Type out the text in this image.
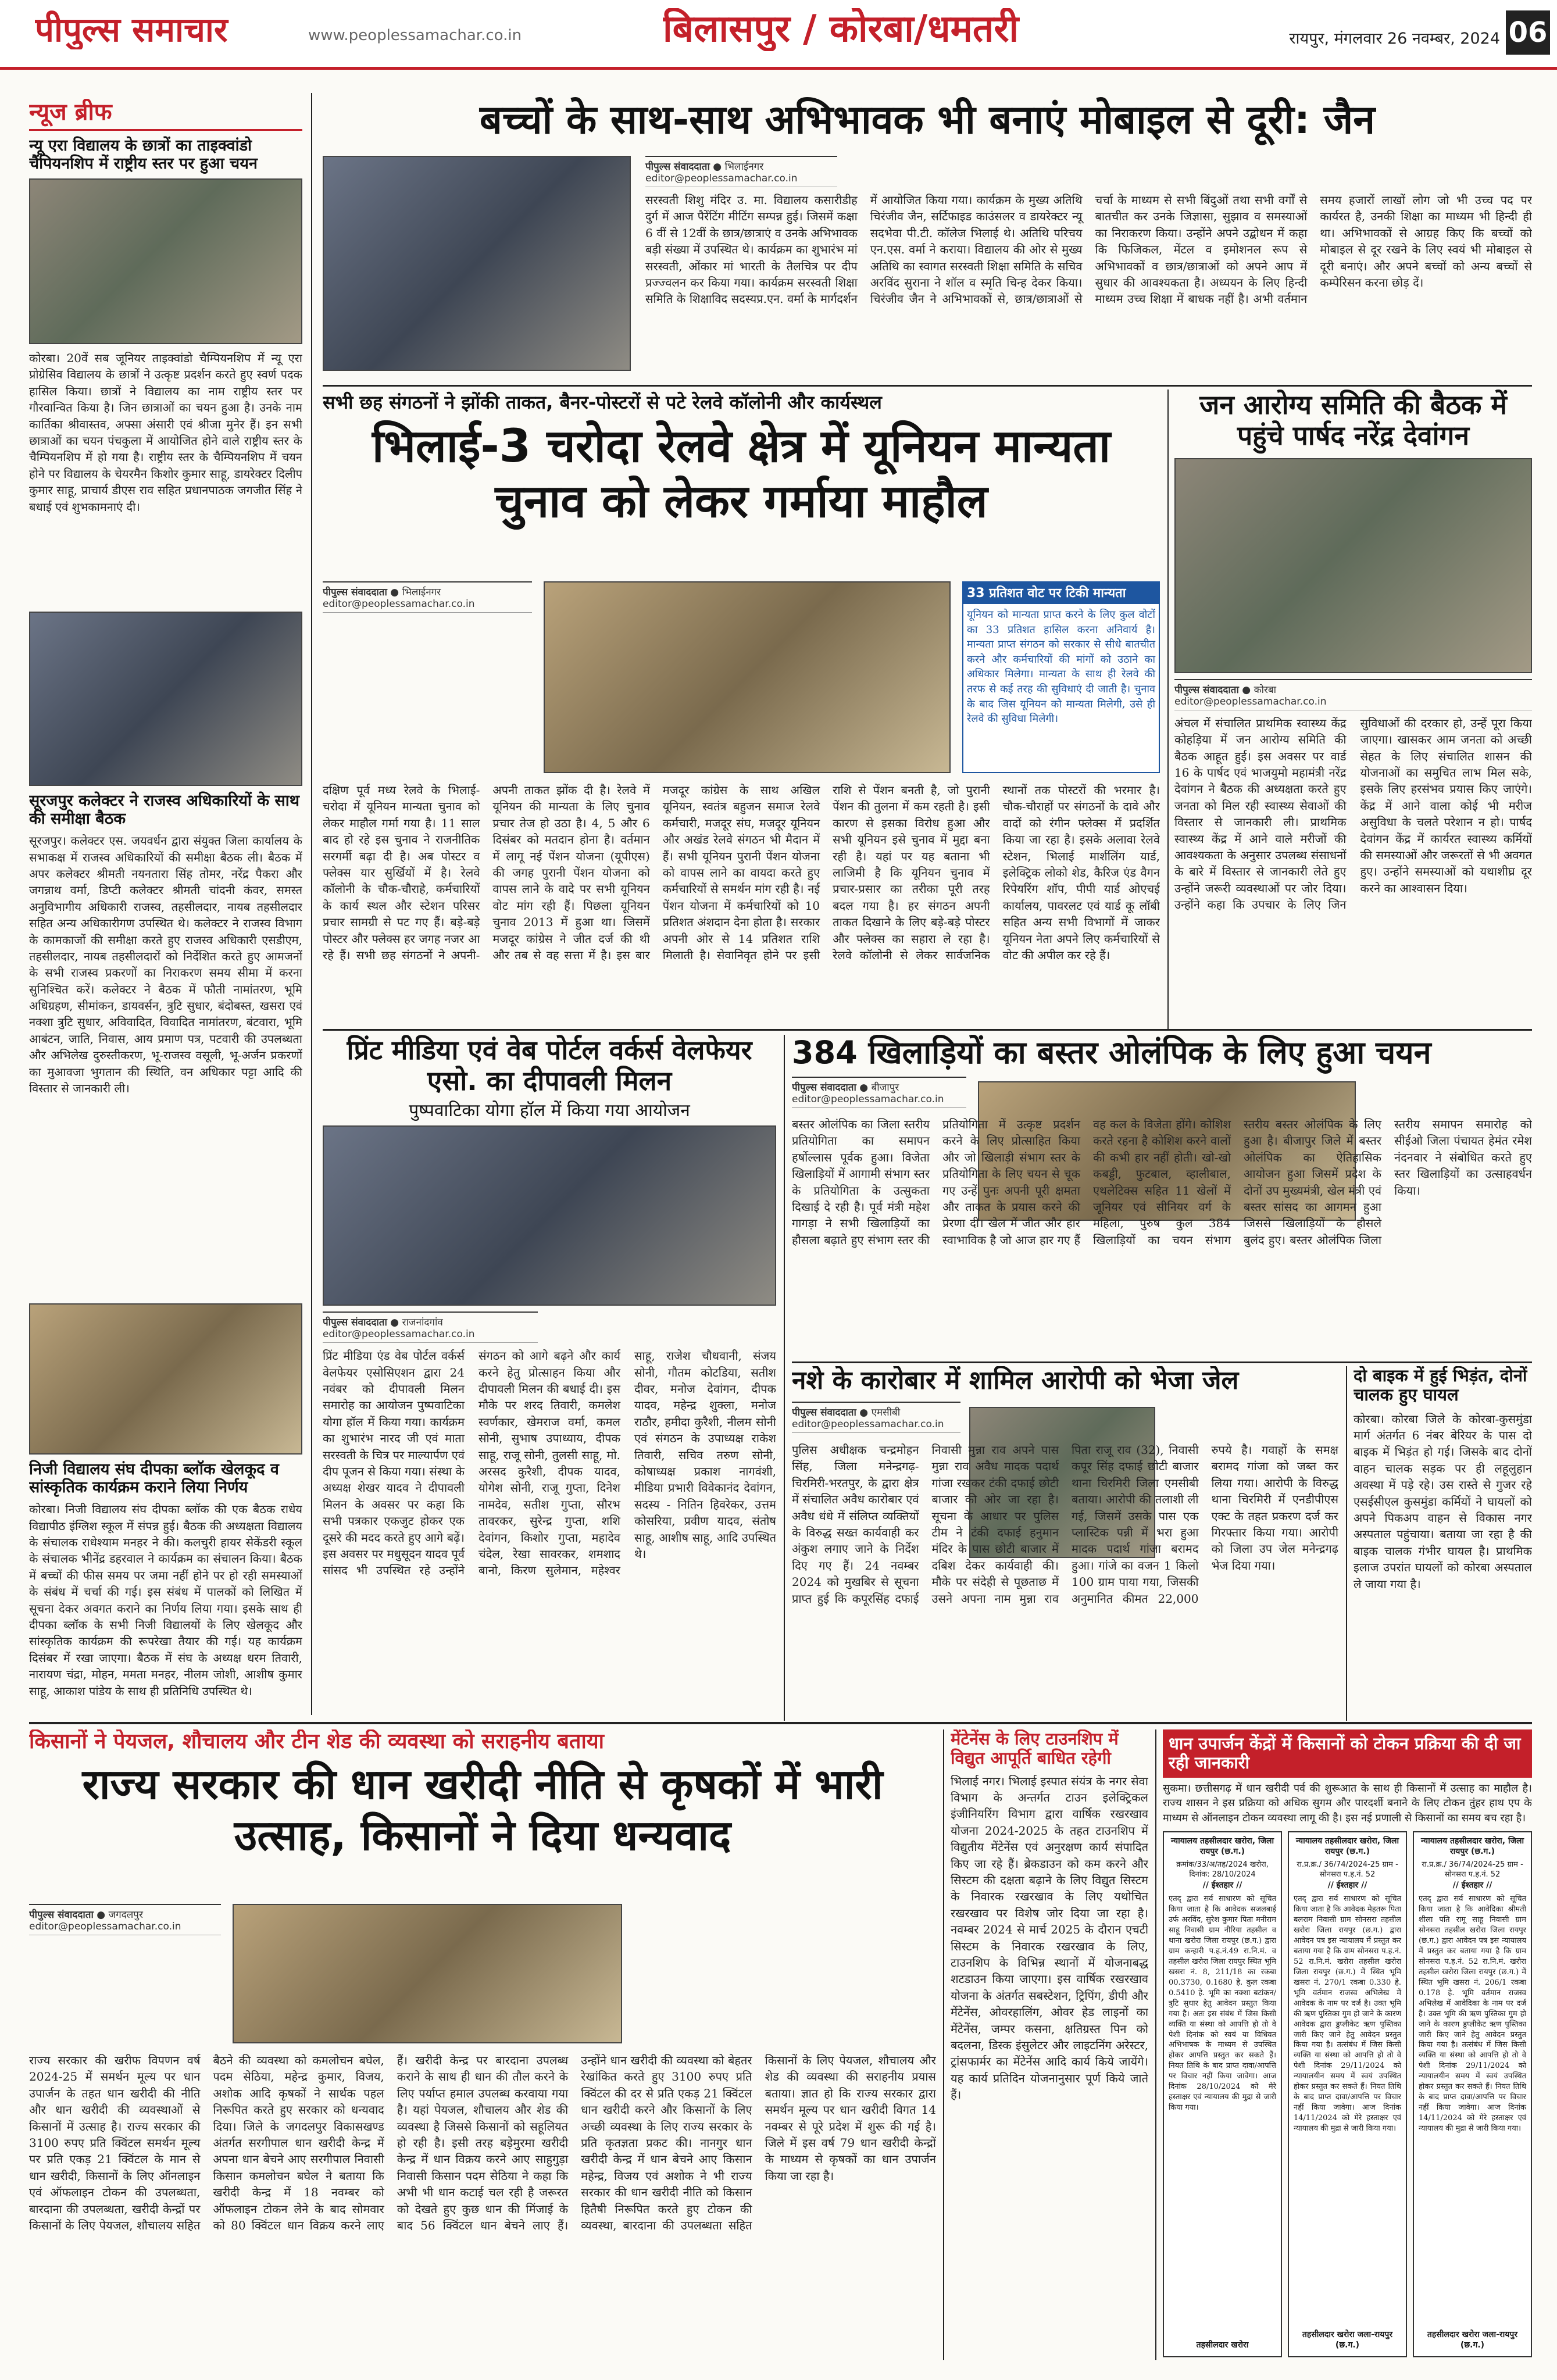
पीपुल्स समाचार	www.peoplessamachar.co.in	बिलासपुर / कोरबा/धमतरी	रायपुर, मंगलवार 26 नवम्बर, 2024 06
न्यूज ब्रीफ
न्यू एरा विद्यालय के छात्रों का ताइक्वांडो चैंपियनशिप में राष्ट्रीय स्तर पर हुआ चयन
कोरबा। 20वें सब जूनियर ताइक्वांडो चैम्पियनशिप में न्यू एरा प्रोग्रेसिव विद्यालय के छात्रों ने उत्कृष्ट प्रदर्शन करते हुए स्वर्ण पदक हासिल किया। छात्रों ने विद्यालय का नाम राष्ट्रीय स्तर पर गौरवान्वित किया है। जिन छात्राओं का चयन हुआ है। उनके नाम कार्तिका श्रीवास्तव, अफ्सा अंसारी एवं श्रीजा मुनेर हैं। इन सभी छात्राओं का चयन पंचकुला में आयोजित होने वाले राष्ट्रीय स्तर के चैम्पियनशिप में हो गया है। राष्ट्रीय स्तर के चैम्पियनशिप में चयन होने पर विद्यालय के चेयरमैन किशोर कुमार साहू, डायरेक्टर दिलीप कुमार साहू, प्राचार्य डीएस राव सहित प्रधानपाठक जगजीत सिंह ने बधाई एवं शुभकामनाएं दी।
सूरजपुर कलेक्टर ने राजस्व अधिकारियों के साथ की समीक्षा बैठक
सूरजपुर। कलेक्टर एस. जयवर्धन द्वारा संयुक्त जिला कार्यालय के सभाकक्ष में राजस्व अधिकारियों की समीक्षा बैठक ली। बैठक में अपर कलेक्टर श्रीमती नयनतारा सिंह तोमर, नरेंद्र पैकरा और जगन्नाथ वर्मा, डिप्टी कलेक्टर श्रीमती चांदनी कंवर, समस्त अनुविभागीय अधिकारी राजस्व, तहसीलदार, नायब तहसीलदार सहित अन्य अधिकारीगण उपस्थित थे। कलेक्टर ने राजस्व विभाग के कामकाजों की समीक्षा करते हुए राजस्व अधिकारी एसडीएम, तहसीलदार, नायब तहसीलदारों को निर्देशित करते हुए आमजनों के सभी राजस्व प्रकरणों का निराकरण समय सीमा में करना सुनिश्चित करें। कलेक्टर ने बैठक में फौती नामांतरण, भूमि अधिग्रहण, सीमांकन, डायवर्सन, त्रुटि सुधार, बंदोबस्त, खसरा एवं नक्शा त्रुटि सुधार, अविवादित, विवादित नामांतरण, बंटवारा, भूमि आबंटन, जाति, निवास, आय प्रमाण पत्र, पटवारी की उपलब्धता और अभिलेख दुरुस्तीकरण, भू-राजस्व वसूली, भू-अर्जन प्रकरणों का मुआवजा भुगतान की स्थिति, वन अधिकार पट्टा आदि की विस्तार से जानकारी ली।
निजी विद्यालय संघ दीपका ब्लॉक खेलकूद व सांस्कृतिक कार्यक्रम कराने लिया निर्णय
कोरबा। निजी विद्यालय संघ दीपका ब्लॉक की एक बैठक राधेय विद्यापीठ इंग्लिश स्कूल में संपन्न हुई। बैठक की अध्यक्षता विद्यालय के संचालक राधेश्याम मनहर ने की। कलचुरी हायर सेकेंडरी स्कूल के संचालक भीनेंद्र डहरवाल ने कार्यक्रम का संचालन किया। बैठक में बच्चों की फीस समय पर जमा नहीं होने पर हो रही समस्याओं के संबंध में चर्चा की गई। इस संबंध में पालकों को लिखित में सूचना देकर अवगत कराने का निर्णय लिया गया। इसके साथ ही दीपका ब्लॉक के सभी निजी विद्यालयों के लिए खेलकूद और सांस्कृतिक कार्यक्रम की रूपरेखा तैयार की गई। यह कार्यक्रम दिसंबर में रखा जाएगा। बैठक में संघ के अध्यक्ष धरम तिवारी, नारायण चंद्रा, मोहन, ममता मनहर, नीलम जोशी, आशीष कुमार साहू, आकाश पांडेय के साथ ही प्रतिनिधि उपस्थित थे।
बच्चों के साथ-साथ अभिभावक भी बनाएं मोबाइल से दूरी: जैन
पीपुल्स संवाददाता ● भिलाईनगर
editor@peoplessamachar.co.in
सरस्वती शिशु मंदिर उ. मा. विद्यालय कसारीडीह दुर्ग में आज पैरेंटिंग मीटिंग सम्पन्न हुई। जिसमें कक्षा 6 वीं से 12वीं के छात्र/छात्राएं व उनके अभिभावक बड़ी संख्या में उपस्थित थे। कार्यक्रम का शुभारंभ मां सरस्वती, ओंकार मां भारती के तैलचित्र पर दीप प्रज्ज्वलन कर किया गया। कार्यक्रम सरस्वती शिक्षा समिति के शिक्षाविद सदस्यप्र.एन. वर्मा के मार्गदर्शन में आयोजित किया गया। कार्यक्रम के मुख्य अतिथि चिरंजीव जैन, सर्टिफाइड काउंसलर व डायरेक्टर न्यू सदभेवा पी.टी. कॉलेज भिलाई थे। अतिथि परिचय एन.एस. वर्मा ने कराया। विद्यालय की ओर से मुख्य अतिथि का स्वागत सरस्वती शिक्षा समिति के सचिव अरविंद सुराना ने शॉल व स्मृति चिन्ह देकर किया। चिरंजीव जैन ने अभिभावकों से, छात्र/छात्राओं से चर्चा के माध्यम से सभी बिंदुओं तथा सभी वर्गों से बातचीत कर उनके जिज्ञासा, सुझाव व समस्याओं का निराकरण किया। उन्होंने अपने उद्बोधन में कहा कि फिजिकल, मेंटल व इमोशनल रूप से अभिभावकों व छात्र/छात्राओं को अपने आप में सुधार की आवश्यकता है। अध्ययन के लिए हिन्दी माध्यम उच्च शिक्षा में बाधक नहीं है। अभी वर्तमान समय हजारों लाखों लोग जो भी उच्च पद पर कार्यरत है, उनकी शिक्षा का माध्यम भी हिन्दी ही था। अभिभावकों से आग्रह किए कि बच्चों को मोबाइल से दूर रखने के लिए स्वयं भी मोबाइल से दूरी बनाएं। और अपने बच्चों को अन्य बच्चों से कम्पेरिसन करना छोड़ दें।
सभी छह संगठनों ने झोंकी ताकत, बैनर-पोस्टरों से पटे रेलवे कॉलोनी और कार्यस्थल
भिलाई-3 चरोदा रेलवे क्षेत्र में यूनियन मान्यता चुनाव को लेकर गर्माया माहौल
पीपुल्स संवाददाता ● भिलाईनगर
editor@peoplessamachar.co.in
33 प्रतिशत वोट पर टिकी मान्यता
यूनियन को मान्यता प्राप्त करने के लिए कुल वोटों का 33 प्रतिशत हासिल करना अनिवार्य है। मान्यता प्राप्त संगठन को सरकार से सीधे बातचीत करने और कर्मचारियों की मांगों को उठाने का अधिकार मिलेगा। मान्यता के साथ ही रेलवे की तरफ से कई तरह की सुविधाएं दी जाती है। चुनाव के बाद जिस यूनियन को मान्यता मिलेगी, उसे ही रेलवे की सुविधा मिलेगी।
दक्षिण पूर्व मध्य रेलवे के भिलाई-चरोदा में यूनियन मान्यता चुनाव को लेकर माहौल गर्मा गया है। 11 साल बाद हो रहे इस चुनाव ने राजनीतिक सरगर्मी बढ़ा दी है। अब पोस्टर व फ्लेक्स यार सुर्खियों में है। रेलवे कॉलोनी के चौक-चौराहे, कर्मचारियों के कार्य स्थल और स्टेशन परिसर प्रचार सामग्री से पट गए हैं। बड़े-बड़े पोस्टर और फ्लेक्स हर जगह नजर आ रहे हैं। सभी छह संगठनों ने अपनी-अपनी ताकत झोंक दी है। रेलवे में यूनियन की मान्यता के लिए चुनाव प्रचार तेज हो उठा है। 4, 5 और 6 दिसंबर को मतदान होना है। वर्तमान में लागू नई पेंशन योजना (यूपीएस) की जगह पुरानी पेंशन योजना को वापस लाने के वादे पर सभी यूनियन वोट मांग रही हैं। पिछला यूनियन चुनाव 2013 में हुआ था। जिसमें मजदूर कांग्रेस ने जीत दर्ज की थी और तब से वह सत्ता में है। इस बार मजदूर कांग्रेस के साथ अखिल यूनियन, स्वतंत्र बहुजन समाज रेलवे कर्मचारी, मजदूर संघ, मजदूर यूनियन और अखंड रेलवे संगठन भी मैदान में हैं। सभी यूनियन पुरानी पेंशन योजना को वापस लाने का वायदा करते हुए कर्मचारियों से समर्थन मांग रही है। नई पेंशन योजना में कर्मचारियों को 10 प्रतिशत अंशदान देना होता है। सरकार अपनी ओर से 14 प्रतिशत राशि मिलाती है। सेवानिवृत होने पर इसी राशि से पेंशन बनती है, जो पुरानी पेंशन की तुलना में कम रहती है। इसी कारण से इसका विरोध हुआ और सभी यूनियन इसे चुनाव में मुद्दा बना रही है। यहां पर यह बताना भी लाजिमी है कि यूनियन चुनाव में प्रचार-प्रसार का तरीका पूरी तरह बदल गया है। हर संगठन अपनी ताकत दिखाने के लिए बड़े-बड़े पोस्टर और फ्लेक्स का सहारा ले रहा है। रेलवे कॉलोनी से लेकर सार्वजनिक स्थानों तक पोस्टरों की भरमार है। चौक-चौराहों पर संगठनों के दावे और वादों को रंगीन फ्लेक्स में प्रदर्शित किया जा रहा है। इसके अलावा रेलवे स्टेशन, भिलाई मार्शलिंग यार्ड, इलेक्ट्रिक लोको शेड, कैरिज एंड वैगन रिपेयरिंग शॉप, पीपी यार्ड ओएचई कार्यालय, पावरलट एवं यार्ड कू लॉबी सहित अन्य सभी विभागों में जाकर यूनियन नेता अपने लिए कर्मचारियों से वोट की अपील कर रहे हैं।
जन आरोग्य समिति की बैठक में पहुंचे पार्षद नरेंद्र देवांगन
पीपुल्स संवाददाता ● कोरबा
editor@peoplessamachar.co.in
अंचल में संचालित प्राथमिक स्वास्थ्य केंद्र कोहड़िया में जन आरोग्य समिति की बैठक आहूत हुई। इस अवसर पर वार्ड 16 के पार्षद एवं भाजयुमो महामंत्री नरेंद्र देवांगन ने बैठक की अध्यक्षता करते हुए जनता को मिल रही स्वास्थ्य सेवाओं की विस्तार से जानकारी ली। प्राथमिक स्वास्थ्य केंद्र में आने वाले मरीजों की आवश्यकता के अनुसार उपलब्ध संसाधनों के बारे में विस्तार से जानकारी लेते हुए उन्होंने जरूरी व्यवस्थाओं पर जोर दिया। उन्होंने कहा कि उपचार के लिए जिन सुविधाओं की दरकार हो, उन्हें पूरा किया जाएगा। खासकर आम जनता को अच्छी सेहत के लिए संचालित शासन की योजनाओं का समुचित लाभ मिल सके, इसके लिए हरसंभव प्रयास किए जाएंगे। केंद्र में आने वाला कोई भी मरीज असुविधा के चलते परेशान न हो। पार्षद देवांगन केंद्र में कार्यरत स्वास्थ्य कर्मियों की समस्याओं और जरूरतों से भी अवगत हुए। उन्होंने समस्याओं को यथाशीघ्र दूर करने का आश्वासन दिया।
प्रिंट मीडिया एवं वेब पोर्टल वर्कर्स वेलफेयर एसो. का दीपावली मिलन
पुष्पवाटिका योगा हॉल में किया गया आयोजन
पीपुल्स संवाददाता ● राजनांदगांव
editor@peoplessamachar.co.in
प्रिंट मीडिया एंड वेब पोर्टल वर्कर्स वेलफेयर एसोसिएशन द्वारा 24 नवंबर को दीपावली मिलन समारोह का आयोजन पुष्पवाटिका योगा हॉल में किया गया। कार्यक्रम का शुभारंभ नारद जी एवं माता सरस्वती के चित्र पर माल्यार्पण एवं दीप पूजन से किया गया। संस्था के अध्यक्ष शेखर यादव ने दीपावली मिलन के अवसर पर कहा कि सभी पत्रकार एकजुट होकर एक दूसरे की मदद करते हुए आगे बढ़ें। इस अवसर पर मधुसूदन यादव पूर्व सांसद भी उपस्थित रहे उन्होंने संगठन को आगे बढ़ने और कार्य करने हेतु प्रोत्साहन किया और दीपावली मिलन की बधाई दी। इस मौके पर शरद तिवारी, कमलेश स्वर्णकार, खेमराज वर्मा, कमल सोनी, सुभाष उपाध्याय, दीपक साहू, राजू सोनी, तुलसी साहू, मो. अरसद कुरैशी, दीपक यादव, योगेश सोनी, राजू गुप्ता, दिनेश नामदेव, सतीश गुप्ता, सौरभ तावरकर, सुरेन्द्र गुप्ता, शशि देवांगन, किशोर गुप्ता, महादेव चंदेल, रेखा सावरकर, शमशाद बानो, किरण सुलेमान, महेश्वर साहू, राजेश चौधवानी, संजय सोनी, गौतम कोटडिया, सतीश दीवर, मनोज देवांगन, दीपक यादव, महेन्द्र शुक्ला, मनोज राठौर, हमीदा कुरैशी, नीलम सोनी एवं संगठन के उपाध्यक्ष राकेश तिवारी, सचिव तरुण सोनी, कोषाध्यक्ष प्रकाश नागवंशी, मीडिया प्रभारी विवेकानंद देवांगन, सदस्य - नितिन हिवरेकर, उत्तम कोसरिया, प्रवीण यादव, संतोष साहू, आशीष साहू, आदि उपस्थित थे।
384 खिलाड़ियों का बस्तर ओलंपिक के लिए हुआ चयन
पीपुल्स संवाददाता ● बीजापुर
editor@peoplessamachar.co.in
बस्तर ओलंपिक का जिला स्तरीय प्रतियोगिता का समापन हर्षोल्लास पूर्वक हुआ। विजेता खिलाड़ियों में आगामी संभाग स्तर के प्रतियोगिता के उत्सुकता दिखाई दे रही है। पूर्व मंत्री महेश गागड़ा ने सभी खिलाड़ियों का हौसला बढ़ाते हुए संभाग स्तर की प्रतियोगिता में उत्कृष्ट प्रदर्शन करने के लिए प्रोत्साहित किया और जो खिलाड़ी संभाग स्तर के प्रतियोगिता के लिए चयन से चूक गए उन्हें पुनः अपनी पूरी क्षमता और ताकत के प्रयास करने की प्रेरणा दी। खेल में जीत और हार स्वाभाविक है जो आज हार गए हैं वह कल के विजेता होंगे। कोशिश करते रहना है कोशिश करने वालों की कभी हार नहीं होती। खो-खो कबड्डी, फुटबाल, व्हालीबाल, एथलेटिक्स सहित 11 खेलों में जूनियर एवं सीनियर वर्ग के महिला, पुरुष कुल 384 खिलाड़ियों का चयन संभाग स्तरीय बस्तर ओलंपिक के लिए हुआ है। बीजापुर जिले में बस्तर ओलंपिक का ऐतिहासिक आयोजन हुआ जिसमें प्रदेश के दोनों उप मुख्यमंत्री, खेल मंत्री एवं बस्तर सांसद का आगमन हुआ जिससे खिलाड़ियों के हौसले बुलंद हुए। बस्तर ओलंपिक जिला स्तरीय समापन समारोह को सीईओ जिला पंचायत हेमंत रमेश नंदनवार ने संबोधित करते हुए स्तर खिलाड़ियों का उत्साहवर्धन किया।
नशे के कारोबार में शामिल आरोपी को भेजा जेल
पीपुल्स संवाददाता ● एमसीबी
editor@peoplessamachar.co.in
पुलिस अधीक्षक चन्द्रमोहन सिंह, जिला मनेन्द्रगढ़-चिरमिरी-भरतपुर, के द्वारा क्षेत्र में संचालित अवैध कारोबार एवं अवैध धंधे में संलिप्त व्यक्तियों के विरुद्ध सख्त कार्यवाही कर अंकुश लगाए जाने के निर्देश दिए गए हैं। 24 नवम्बर 2024 को मुखबिर से सूचना प्राप्त हुई कि कपूरसिंह दफाई निवासी मुन्ना राव अपने पास मुन्ना राव अवैध मादक पदार्थ गांजा रखकर टंकी दफाई छोटी बाजार की ओर जा रहा है। सूचना के आधार पर पुलिस टीम ने टंकी दफाई हनुमान मंदिर के पास छोटी बाजार में दबिश देकर कार्यवाही की। मौके पर संदेही से पूछताछ में उसने अपना नाम मुन्ना राव पिता राजू राव (32), निवासी कपूर सिंह दफाई छोटी बाजार थाना चिरमिरी जिला एमसीबी बताया। आरोपी की तलाशी ली गई, जिसमें उसके पास एक प्लास्टिक पन्नी में भरा हुआ मादक पदार्थ गांजा बरामद हुआ। गांजे का वजन 1 किलो 100 ग्राम पाया गया, जिसकी अनुमानित कीमत 22,000 रुपये है। गवाहों के समक्ष बरामद गांजा को जब्त कर लिया गया। आरोपी के विरुद्ध थाना चिरमिरी में एनडीपीएस एक्ट के तहत प्रकरण दर्ज कर गिरफ्तार किया गया। आरोपी को जिला उप जेल मनेन्द्रगढ़ भेज दिया गया।
दो बाइक में हुई भिड़ंत, दोनों चालक हुए घायल
कोरबा। कोरबा जिले के कोरबा-कुसमुंडा मार्ग अंतर्गत 6 नंबर बेरियर के पास दो बाइक में भिड़ंत हो गई। जिसके बाद दोनों वाहन चालक सड़क पर ही लहूलुहान अवस्था में पड़े रहे। उस रास्ते से गुजर रहे एसईसीएल कुसमुंडा कर्मियों ने घायलों को अपने पिकअप वाहन से विकास नगर अस्पताल पहुंचाया। बताया जा रहा है की बाइक चालक गंभीर घायल है। प्राथमिक इलाज उपरांत घायलों को कोरबा अस्पताल ले जाया गया है।
किसानों ने पेयजल, शौचालय और टीन शेड की व्यवस्था को सराहनीय बताया
राज्य सरकार की धान खरीदी नीति से कृषकों में भारी उत्साह, किसानों ने दिया धन्यवाद
पीपुल्स संवाददाता ● जगदलपुर
editor@peoplessamachar.co.in
राज्य सरकार की खरीफ विपणन वर्ष 2024-25 में समर्थन मूल्य पर धान उपार्जन के तहत धान खरीदी की नीति और धान खरीदी की व्यवस्थाओं से किसानों में उत्साह है। राज्य सरकार की 3100 रुपए प्रति क्विंटल समर्थन मूल्य पर प्रति एकड़ 21 क्विंटल के मान से धान खरीदी, किसानों के लिए ऑनलाइन एवं ऑफलाइन टोकन की उपलब्धता, बारदाना की उपलब्धता, खरीदी केन्द्रों पर किसानों के लिए पेयजल, शौचालय सहित बैठने की व्यवस्था को कमलोचन बघेल, पदम सेठिया, महेन्द्र कुमार, विजय, अशोक आदि कृषकों ने सार्थक पहल निरूपित करते हुए सरकार को धन्यवाद दिया। जिले के जगदलपुर विकासखण्ड अंतर्गत सरगीपाल धान खरीदी केन्द्र में अपना धान बेचने आए सरगीपाल निवासी किसान कमलोचन बघेल ने बताया कि खरीदी केन्द्र में 18 नवम्बर को ऑफलाइन टोकन लेने के बाद सोमवार को 80 क्विंटल धान विक्रय करने लाए हैं। खरीदी केन्द्र पर बारदाना उपलब्ध कराने के साथ ही धान की तौल करने के लिए पर्याप्त हमाल उपलब्ध करवाया गया है। यहां पेयजल, शौचालय और शेड की व्यवस्था है जिससे किसानों को सहूलियत हो रही है। इसी तरह बड़ेमुरमा खरीदी केन्द्र में धान विक्रय करने आए साहुगुड़ा निवासी किसान पदम सेठिया ने कहा कि अभी भी धान कटाई चल रही है जरूरत को देखते हुए कुछ धान की मिंजाई के बाद 56 क्विंटल धान बेचने लाए हैं। उन्होंने धान खरीदी की व्यवस्था को बेहतर रेखांकित करते हुए 3100 रुपए प्रति क्विंटल की दर से प्रति एकड़ 21 क्विंटल धान खरीदी करने और किसानों के लिए अच्छी व्यवस्था के लिए राज्य सरकार के प्रति कृतज्ञता प्रकट की। नानगुर धान खरीदी केन्द्र में धान बेचने आए किसान महेन्द्र, विजय एवं अशोक ने भी राज्य सरकार की धान खरीदी नीति को किसान हितैषी निरूपित करते हुए टोकन की व्यवस्था, बारदाना की उपलब्धता सहित किसानों के लिए पेयजल, शौचालय और शेड की व्यवस्था की सराहनीय प्रयास बताया। ज्ञात हो कि राज्य सरकार द्वारा समर्थन मूल्य पर धान खरीदी विगत 14 नवम्बर से पूरे प्रदेश में शुरू की गई है। जिले में इस वर्ष 79 धान खरीदी केन्द्रों के माध्यम से कृषकों का धान उपार्जन किया जा रहा है।
मेंटेनेंस के लिए टाउनशिप में विद्युत आपूर्ति बाधित रहेगी
भिलाई नगर। भिलाई इस्पात संयंत्र के नगर सेवा विभाग के अन्तर्गत टाउन इलेक्ट्रिकल इंजीनियरिंग विभाग द्वारा वार्षिक रखरखाव योजना 2024-2025 के तहत टाउनशिप में विद्युतीय मेंटेनेंस एवं अनुरक्षण कार्य संपादित किए जा रहे हैं। ब्रेकडाउन को कम करने और सिस्टम की दक्षता बढ़ाने के लिए विद्युत सिस्टम के निवारक रखरखाव के लिए यथोचित रखरखाव पर विशेष जोर दिया जा रहा है। नवम्बर 2024 से मार्च 2025 के दौरान एचटी सिस्टम के निवारक रखरखाव के लिए, टाउनशिप के विभिन्न स्थानों में योजनाबद्ध शटडाउन किया जाएगा। इस वार्षिक रखरखाव योजना के अंतर्गत सबस्टेशन, ट्रिपिंग, डीपी और मेंटेनेंस, ओवरहालिंग, ओवर हेड लाइनों का मेंटेनेंस, जम्पर कसना, क्षतिग्रस्त पिन को बदलना, डिस्क इंसुलेटर और लाइटनिंग अरेस्टर, ट्रांसफार्मर का मेंटेनेंस आदि कार्य किये जायेंगे। यह कार्य प्रतिदिन योजनानुसार पूर्ण किये जाते हैं।
धान उपार्जन केंद्रों में किसानों को टोकन प्रक्रिया की दी जा रही जानकारी
सुकमा। छत्तीसगढ़ में धान खरीदी पर्व की शुरूआत के साथ ही किसानों में उत्साह का माहौल है। राज्य शासन ने इस प्रक्रिया को अधिक सुगम और पारदर्शी बनाने के लिए टोकन तुंहर हाथ एप के माध्यम से ऑनलाइन टोकन व्यवस्था लागू की है। इस नई प्रणाली से किसानों का समय बच रहा है।
न्यायालय तहसीलदार खरोरा, जिला रायपुर (छ.ग.)
क्रमांक/33/अ/तह/2024 खरोरा, दिनांक: 28/10/2024
// ईश्तहार //
एतद् द्वारा सर्व साधारण को सूचित किया जाता है कि आवेदक सजलबाई उर्फ अरविंद, सुरेश कुमार पिता मनीराम साहू निवासी ग्राम नीरिया तहसील व थाना खरोरा जिला रायपुर (छ.ग.) द्वारा ग्राम कन्हारी प.ह.नं.49 रा.नि.मं. व तहसील खरोरा जिला रायपुर स्थित भूमि खसरा नं. 8, 211/18 का रकबा 00.3730, 0.1680 हे. कुल रकबा 0.5410 हे. भूमि का नक्शा बटांकन/त्रुटि सुधार हेतु आवेदन प्रस्तुत किया गया है। अतः इस संबंध में जिस किसी व्यक्ति या संस्था को आपत्ति हो तो वे पेशी दिनांक को स्वयं या विधिवत अभिभाषक के माध्यम से उपस्थित होकर आपत्ति प्रस्तुत कर सकते हैं। नियत तिथि के बाद प्राप्त दावा/आपत्ति पर विचार नहीं किया जावेगा। आज दिनांक 28/10/2024 को मेरे हस्ताक्षर एवं न्यायालय की मुद्रा से जारी किया गया।
तहसीलदार खरोरा
न्यायालय तहसीलदार खरोरा, जिला रायपुर (छ.ग.)
रा.प्र.क्र./ 36/74/2024-25 ग्राम - सोनसरा प.ह.नं. 52
// ईश्तहार //
एतद् द्वारा सर्व साधारण को सूचित किया जाता है कि आवेदक मेहतरू पिता बलराम निवासी ग्राम सोनसरा तहसील खरोरा जिला रायपुर (छ.ग.) द्वारा आवेदन पत्र इस न्यायालय में प्रस्तुत कर बताया गया है कि ग्राम सोनसरा प.ह.नं. 52 रा.नि.मं. खरोरा तहसील खरोरा जिला रायपुर (छ.ग.) में स्थित भूमि खसरा नं. 270/1 रकबा 0.330 हे. भूमि वर्तमान राजस्व अभिलेख में आवेदक के नाम पर दर्ज है। उक्त भूमि की ऋण पुस्तिका गुम हो जाने के कारण आवेदक द्वारा डुप्लीकेट ऋण पुस्तिका जारी किए जाने हेतु आवेदन प्रस्तुत किया गया है। तत्संबंध में जिस किसी व्यक्ति या संस्था को आपत्ति हो तो वे पेशी दिनांक 29/11/2024 को न्यायालयीन समय में स्वयं उपस्थित होकर प्रस्तुत कर सकते हैं। नियत तिथि के बाद प्राप्त दावा/आपत्ति पर विचार नहीं किया जावेगा। आज दिनांक 14/11/2024 को मेरे हस्ताक्षर एवं न्यायालय की मुद्रा से जारी किया गया।
तहसीलदार खरोरा जला-रायपुर (छ.ग.)
न्यायालय तहसीलदार खरोरा, जिला रायपुर (छ.ग.)
रा.प्र.क्र./ 36/74/2024-25 ग्राम - सोनसरा प.ह.नं. 52
// ईश्तहार //
एतद् द्वारा सर्व साधारण को सूचित किया जाता है कि आवेदिका श्रीमती शीला पति रामू साहू निवासी ग्राम सोनसरा तहसील खरोरा जिला रायपुर (छ.ग.) द्वारा आवेदन पत्र इस न्यायालय में प्रस्तुत कर बताया गया है कि ग्राम सोनसरा प.ह.नं. 52 रा.नि.मं. खरोरा तहसील खरोरा जिला रायपुर (छ.ग.) में स्थित भूमि खसरा नं. 206/1 रकबा 0.178 हे. भूमि वर्तमान राजस्व अभिलेख में आवेदिका के नाम पर दर्ज है। उक्त भूमि की ऋण पुस्तिका गुम हो जाने के कारण डुप्लीकेट ऋण पुस्तिका जारी किए जाने हेतु आवेदन प्रस्तुत किया गया है। तत्संबंध में जिस किसी व्यक्ति या संस्था को आपत्ति हो तो वे पेशी दिनांक 29/11/2024 को न्यायालयीन समय में स्वयं उपस्थित होकर प्रस्तुत कर सकते हैं। नियत तिथि के बाद प्राप्त दावा/आपत्ति पर विचार नहीं किया जावेगा। आज दिनांक 14/11/2024 को मेरे हस्ताक्षर एवं न्यायालय की मुद्रा से जारी किया गया।
तहसीलदार खरोरा जला-रायपुर (छ.ग.)
